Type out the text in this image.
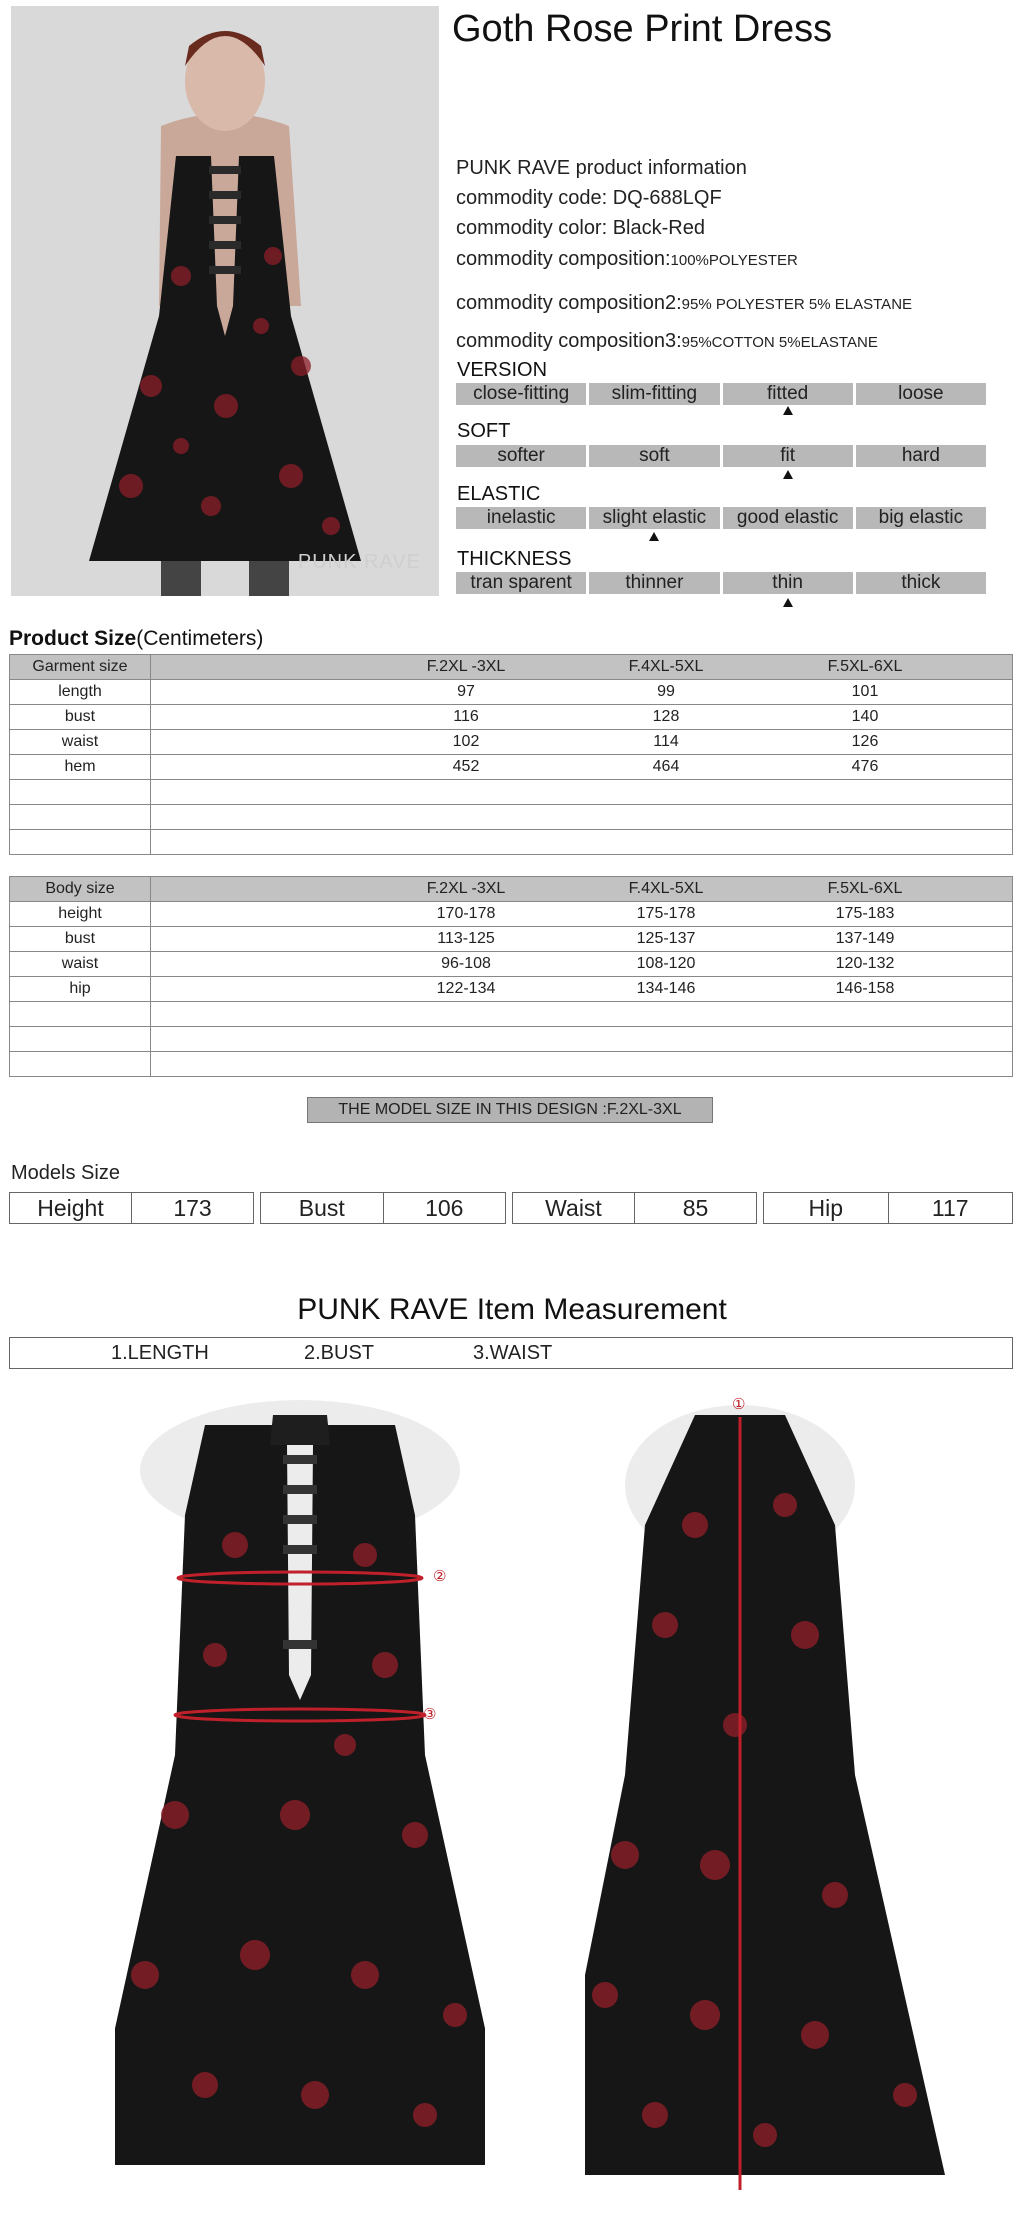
PUNK RAVE
Goth Rose Print Dress
PUNK RAVE product information
commodity code: DQ-688LQF
commodity color: Black-Red
commodity composition:100%POLYESTER
commodity composition2:95% POLYESTER 5% ELASTANE
commodity composition3:95%COTTON 5%ELASTANE
VERSION
close-fitting	slim-fitting	fitted	loose
SOFT
softer	soft	fit	hard
ELASTIC
inelastic	slight elastic	good elastic	big elastic
THICKNESS
tran sparent	thinner	thin	thick
Product Size(Centimeters)
Garment size	F.2XL -3XL F.4XL-5XL F.5XL-6XL

length	97 99 101

bust	116 128 140

waist	102 114 126

hem	452 464 476

Body size	F.2XL -3XL F.4XL-5XL F.5XL-6XL

height	170-178 175-178 175-183

bust	113-125 125-137 137-149

waist	96-108 108-120 120-132

hip	122-134 134-146 146-158

THE MODEL SIZE IN THIS DESIGN :F.2XL-3XL
Models Size
Height	173	Bust	106	Waist	85	Hip	117
PUNK RAVE Item Measurement
1.LENGTH	2.BUST	3.WAIST
②
③
①
